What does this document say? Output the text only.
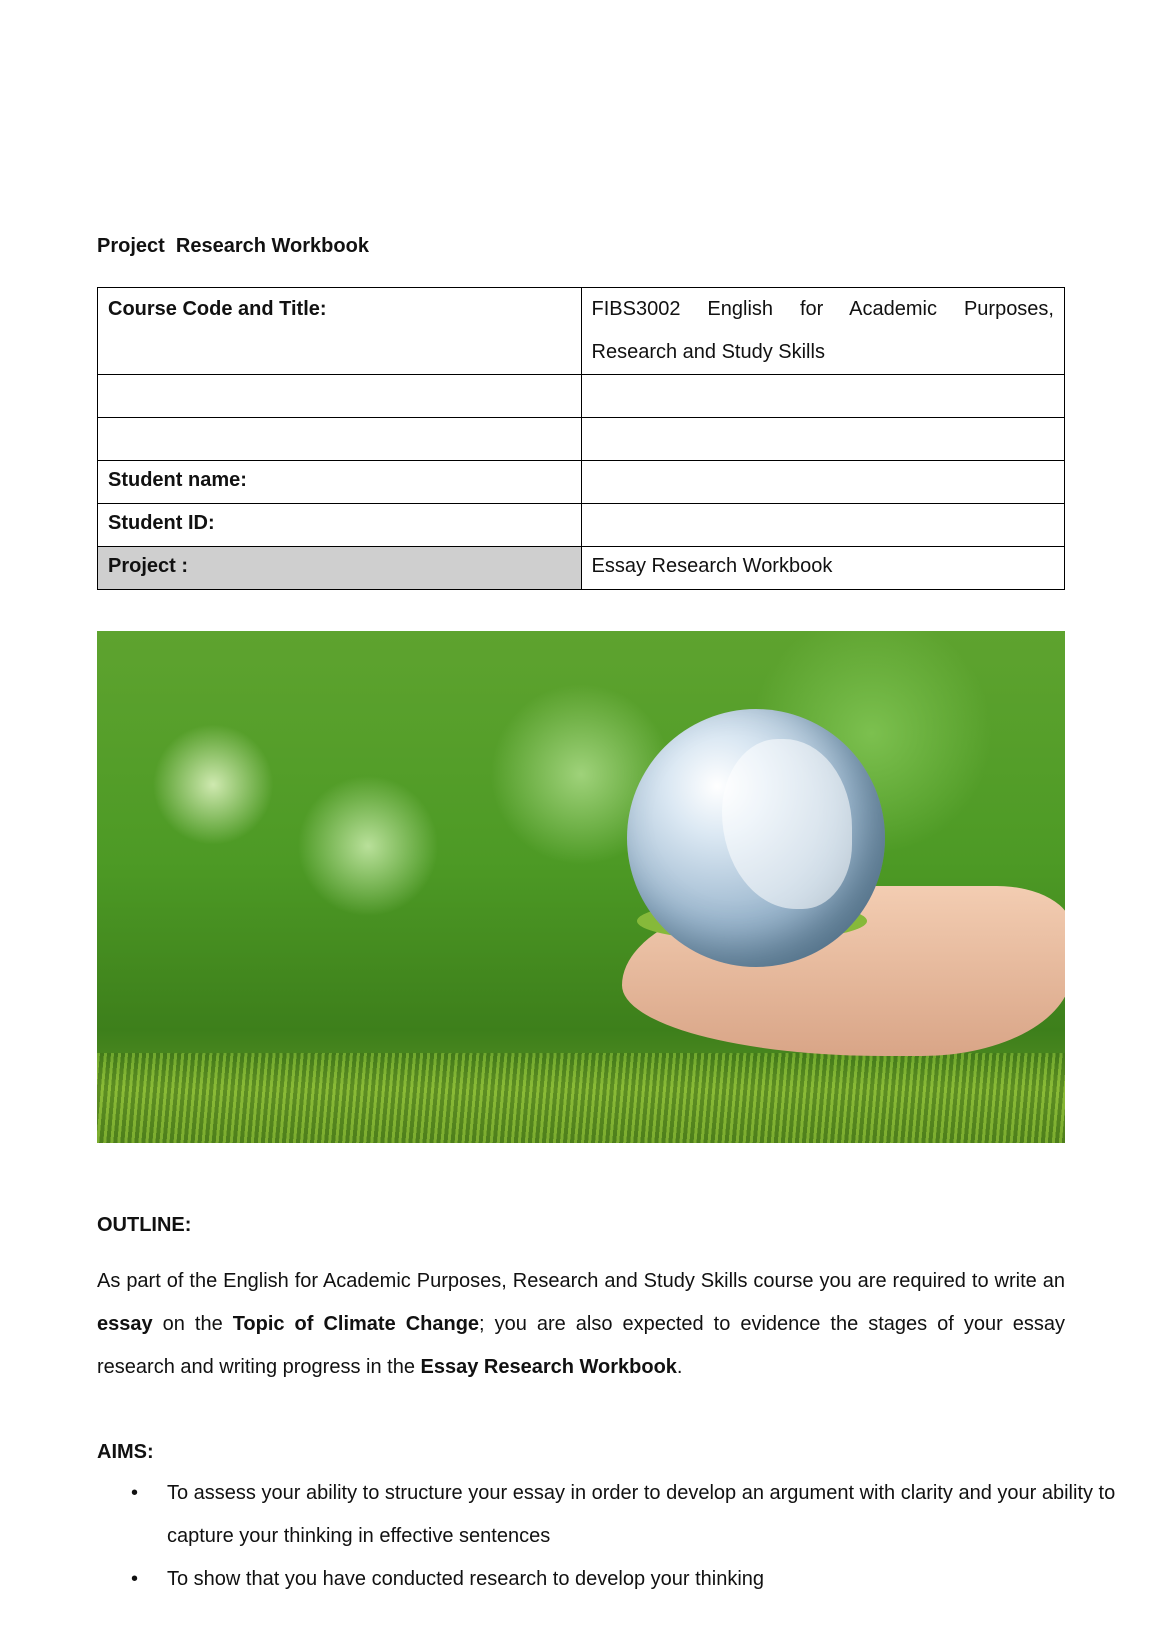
Project  Research Workbook
Course Code and Title:	FIBS3002 English for Academic Purposes, Research and Study Skills

Student name:	
Student ID:	
Project :	Essay Research Workbook
OUTLINE:

As part of the English for Academic Purposes, Research and Study Skills course you are required to write an essay on the Topic of Climate Change; you are also expected to evidence the stages of your essay research and writing progress in the Essay Research Workbook.

AIMS:
• To assess your ability to structure your essay in order to develop an argument with clarity and your ability to capture your thinking in effective sentences
• To show that you have conducted research to develop your thinking
